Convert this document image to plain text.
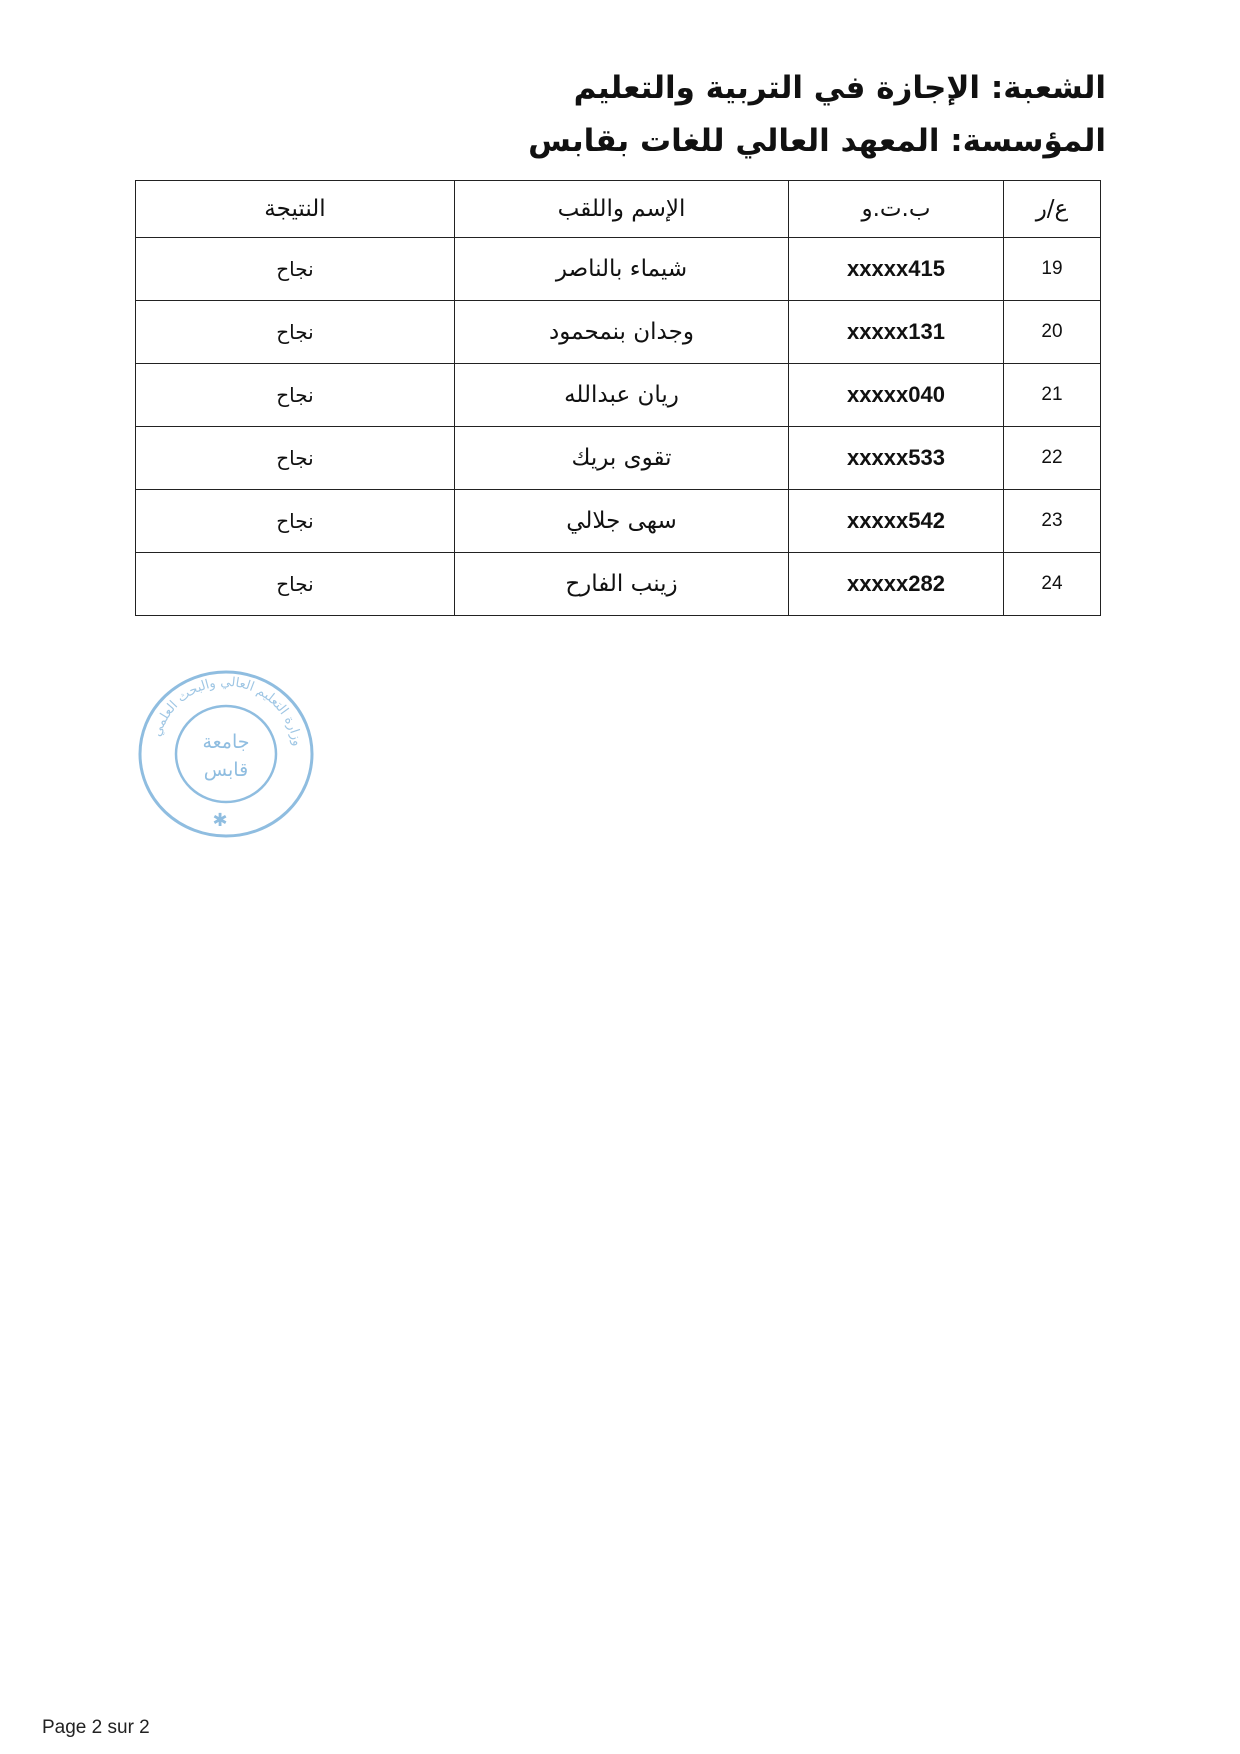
الشعبة: الإجازة في التربية والتعليم
المؤسسة: المعهد العالي للغات بقابس
ع/ر	ب.ت.و	الإسم واللقب	النتيجة
19	xxxxx415	شيماء بالناصر	نجاح
20	xxxxx131	وجدان بنمحمود	نجاح
21	xxxxx040	ريان عبدالله	نجاح
22	xxxxx533	تقوى بريك	نجاح
23	xxxxx542	سهى جلالي	نجاح
24	xxxxx282	زينب الفارح	نجاح
وزارة التعليم العالي والبحث العلمي
جامعة
قابس
✱
Page 2 sur 2
